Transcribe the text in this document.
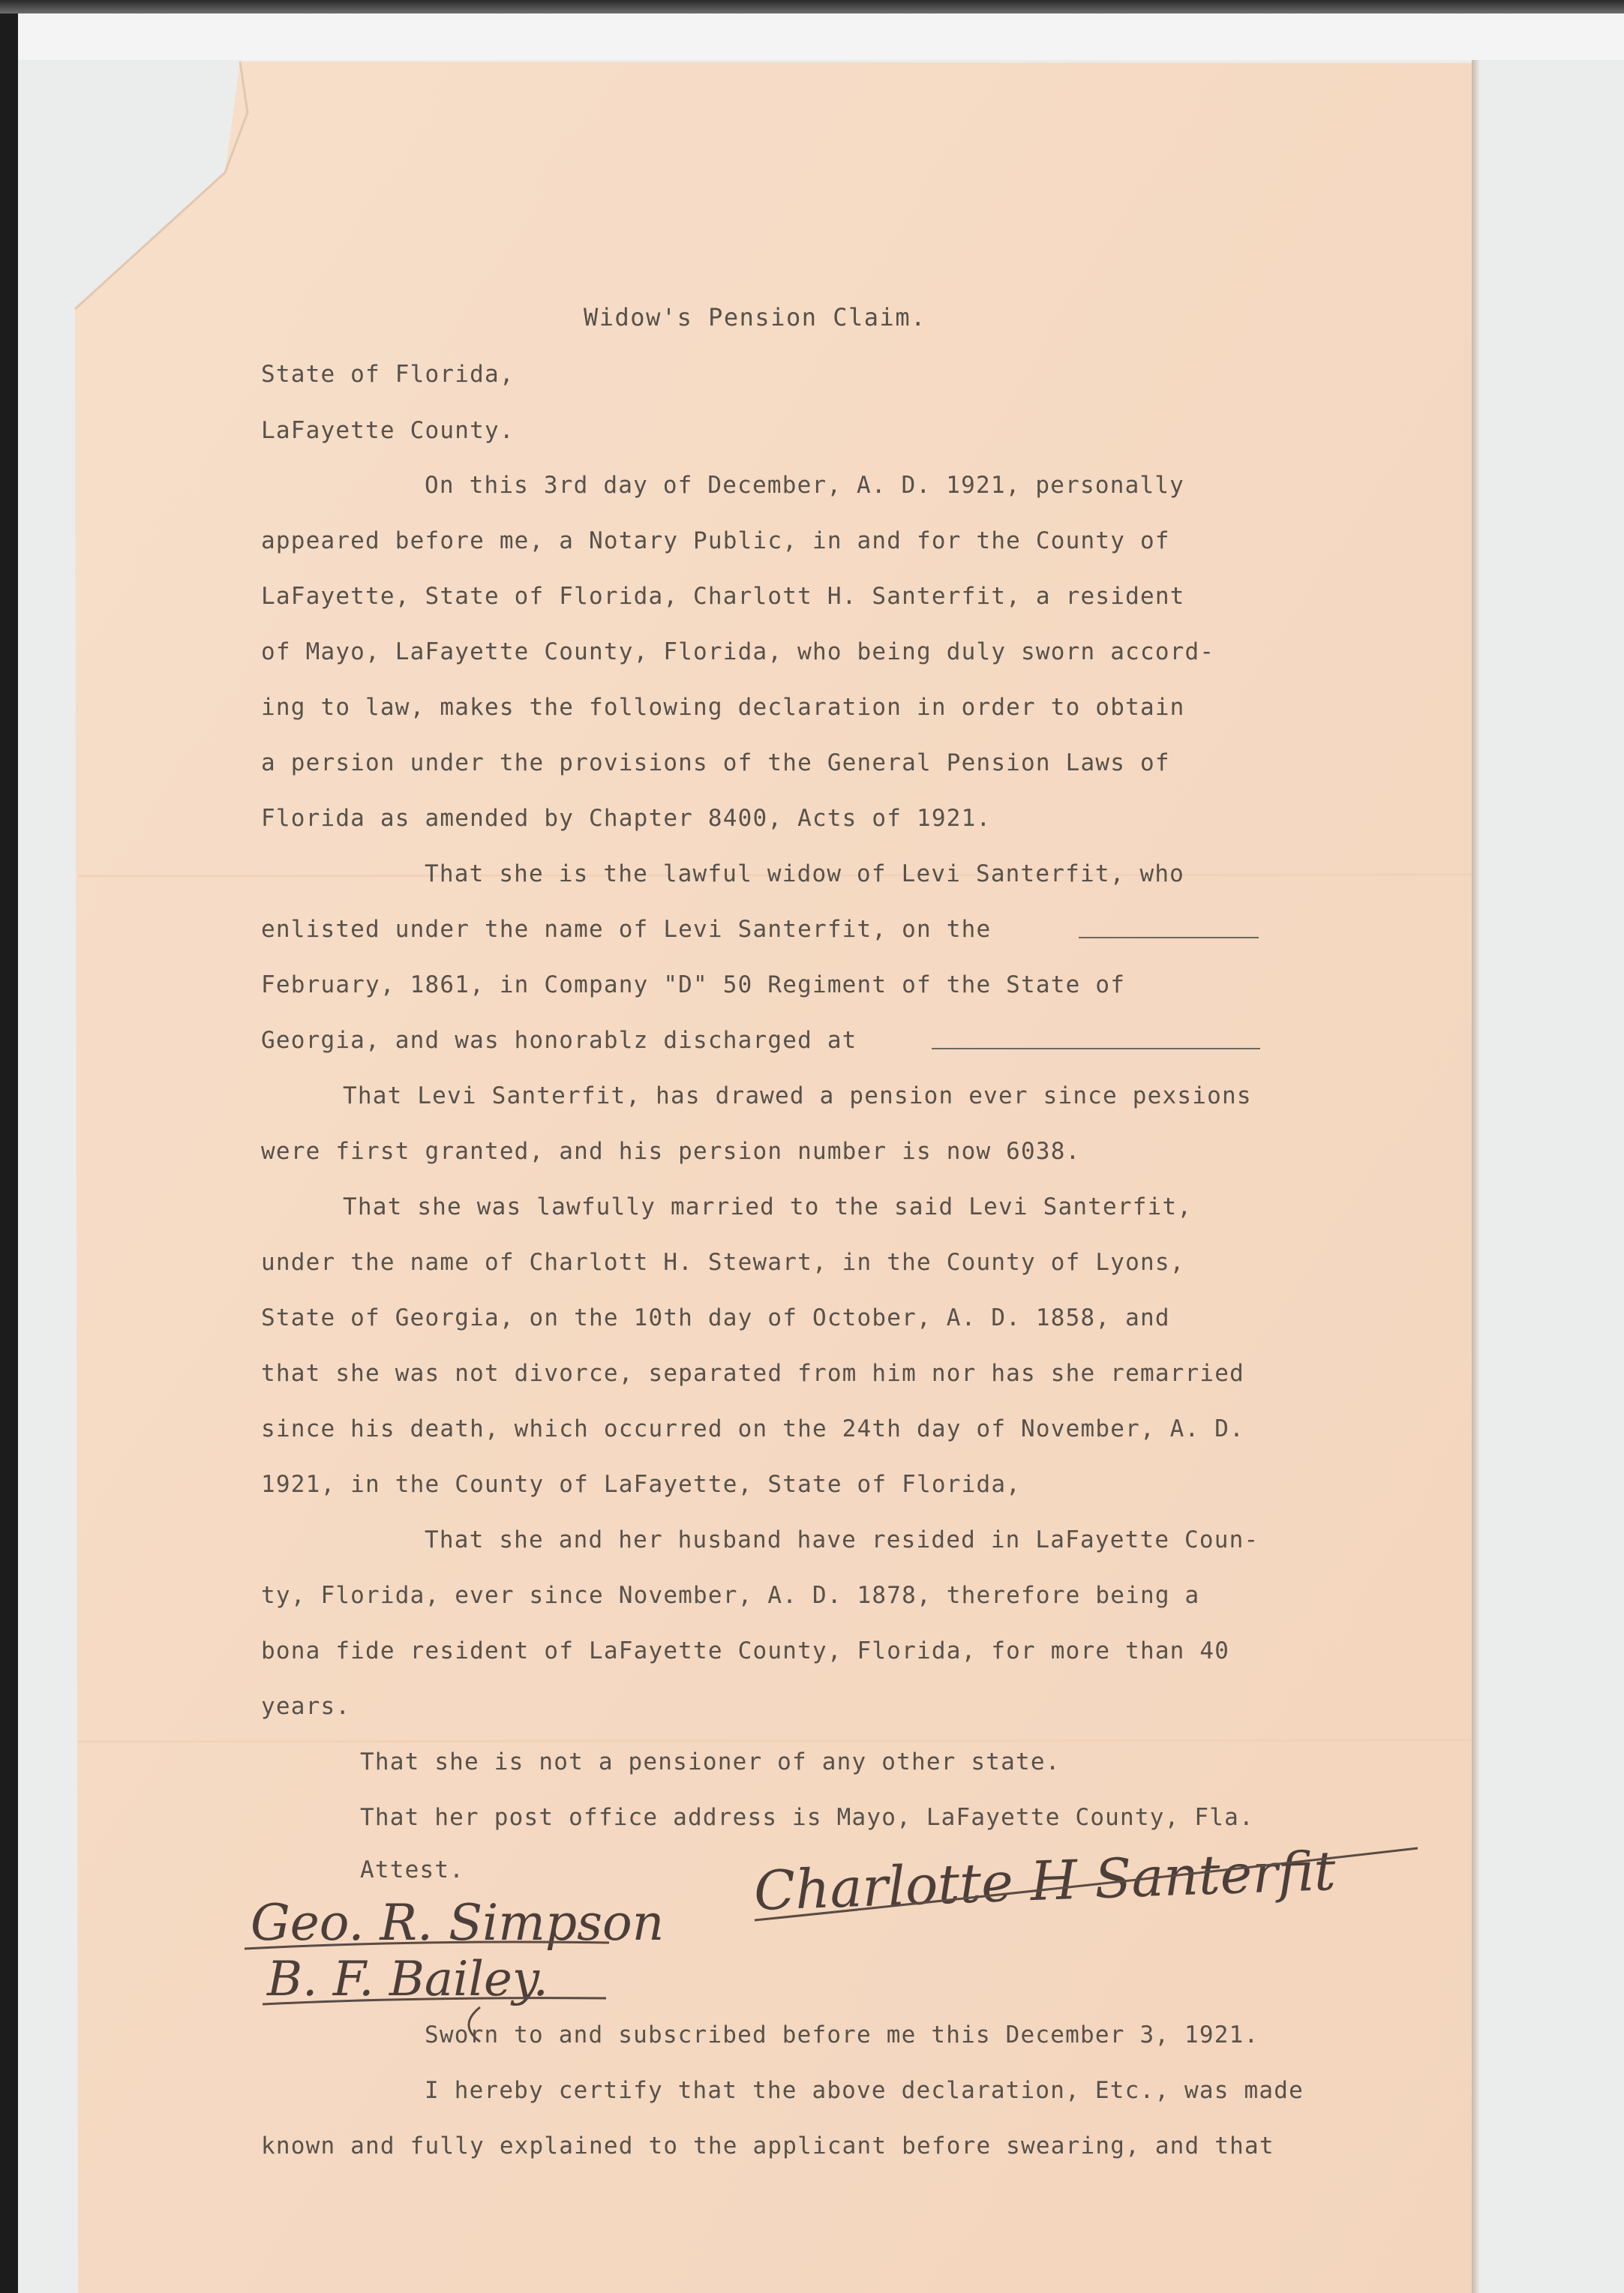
Widow's Pension Claim.
State of Florida,
LaFayette County.
On this 3rd day of December, A. D. 1921, personally
appeared before me, a Notary Public, in and for the County of
LaFayette, State of Florida, Charlott H. Santerfit, a resident
of Mayo, LaFayette County, Florida, who being duly sworn accord-
ing to law, makes the following declaration in order to obtain
a persion under the provisions of the General Pension Laws of
Florida as amended by Chapter 8400, Acts of 1921.
That she is the lawful widow of Levi Santerfit, who
enlisted under the name of Levi Santerfit, on the
February, 1861, in Company "D" 50 Regiment of the State of
Georgia, and was honorablz discharged at
That Levi Santerfit, has drawed a pension ever since pexsions
were first granted, and his persion number is now 6038.
That she was lawfully married to the said Levi Santerfit,
under the name of Charlott H. Stewart, in the County of Lyons,
State of Georgia, on the 10th day of October, A. D. 1858, and
that she was not divorce, separated from him nor has she remarried
since his death, which occurred on the 24th day of November, A. D.
1921, in the County of LaFayette, State of Florida,
That she and her husband have resided in LaFayette Coun-
ty, Florida, ever since November, A. D. 1878, therefore being a
bona fide resident of LaFayette County, Florida, for more than 40
years.
That she is not a pensioner of any other state.
That her post office address is Mayo, LaFayette County, Fla.
Attest.
Sworn to and subscribed before me this December 3, 1921.
I hereby certify that the above declaration, Etc., was made
known and fully explained to the applicant before swearing, and that
Charlotte H Santerfit
Geo. R. Simpson
B. F. Bailey.
